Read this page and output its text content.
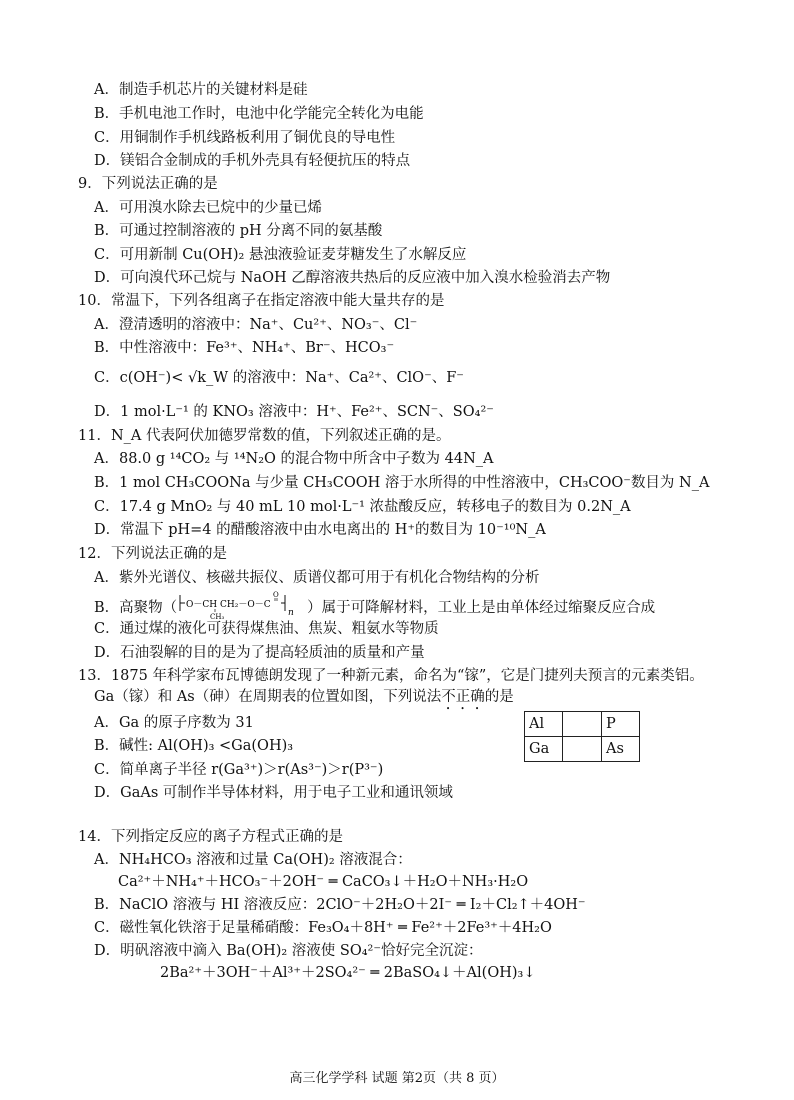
A．制造手机芯片的关键材料是硅
B．手机电池工作时，电池中化学能完全转化为电能
C．用铜制作手机线路板利用了铜优良的导电性
D．镁铝合金制成的手机外壳具有轻便抗压的特点
9．下列说法正确的是
A．可用溴水除去已烷中的少量已烯
B．可通过控制溶液的 pH 分离不同的氨基酸
C．可用新制 Cu(OH)₂ 悬浊液验证麦芽糖发生了水解反应
D．可向溴代环己烷与 NaOH 乙醇溶液共热后的反应液中加入溴水检验消去产物
10．常温下，下列各组离子在指定溶液中能大量共存的是
A．澄清透明的溶液中：Na⁺、Cu²⁺、NO₃⁻、Cl⁻
B．中性溶液中：Fe³⁺、NH₄⁺、Br⁻、HCO₃⁻
C．c(OH⁻)< √k_W 的溶液中：Na⁺、Ca²⁺、ClO⁻、F⁻
D．1 mol·L⁻¹ 的 KNO₃ 溶液中：H⁺、Fe²⁺、SCN⁻、SO₄²⁻
11．N_A 代表阿伏加德罗常数的值，下列叙述正确的是。
A．88.0 g ¹⁴CO₂ 与 ¹⁴N₂O 的混合物中所含中子数为 44N_A
B．1 mol CH₃COONa 与少量 CH₃COOH 溶于水所得的中性溶液中，CH₃COO⁻数目为 N_A
C．17.4 g MnO₂ 与 40 mL 10 mol·L⁻¹ 浓盐酸反应，转移电子的数目为 0.2N_A
D．常温下 pH=4 的醋酸溶液中由水电离出的 H⁺的数目为 10⁻¹⁰N_A
12．下列说法正确的是
A．紫外光谱仪、核磁共振仪、质谱仪都可用于有机化合物结构的分析
B．高聚物（ O－CH CH₂－O－C
O
CH₃	n ）属于可降解材料，工业上是由单体经过缩聚反应合成
C．通过煤的液化可获得煤焦油、焦炭、粗氨水等物质
D．石油裂解的目的是为了提高轻质油的质量和产量
13．1875 年科学家布瓦博德朗发现了一种新元素，命名为“镓”，它是门捷列夫预言的元素类铝。
Ga（镓）和 As（砷）在周期表的位置如图，下列说法不正确的是
A．Ga 的原子序数为 31
B．碱性: Al(OH)₃ <Ga(OH)₃
C．简单离子半径 r(Ga³⁺)＞r(As³⁻)＞r(P³⁻)
D．GaAs 可制作半导体材料，用于电子工业和通讯领域
Al		P
Ga		As
14．下列指定反应的离子方程式正确的是
A．NH₄HCO₃ 溶液和过量 Ca(OH)₂ 溶液混合：
Ca²⁺＋NH₄⁺＋HCO₃⁻＋2OH⁻ ═ CaCO₃↓＋H₂O＋NH₃·H₂O
B．NaClO 溶液与 HI 溶液反应：2ClO⁻＋2H₂O＋2I⁻ ═ I₂＋Cl₂↑＋4OH⁻
C．磁性氧化铁溶于足量稀硝酸：Fe₃O₄＋8H⁺ ═ Fe²⁺＋2Fe³⁺＋4H₂O
D．明矾溶液中滴入 Ba(OH)₂ 溶液使 SO₄²⁻恰好完全沉淀：
2Ba²⁺＋3OH⁻＋Al³⁺＋2SO₄²⁻ ═ 2BaSO₄↓＋Al(OH)₃↓
高三化学学科 试题 第2页（共 8 页）
